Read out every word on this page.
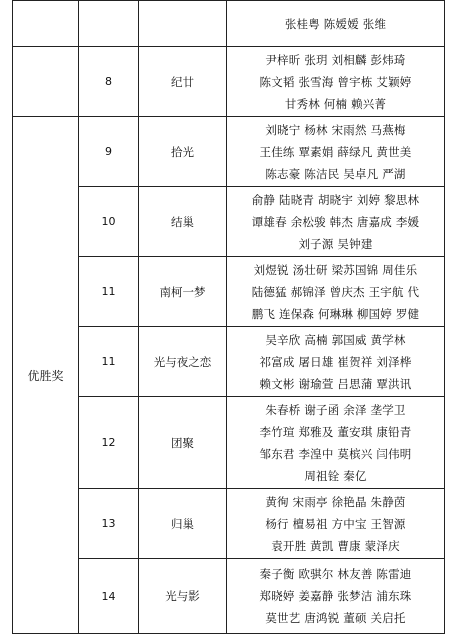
			张桂粤 陈嫒嫒 张维

	8	纪廿	尹梓昕 张玥 刘相麟 彭炜琦
陈文韬 张雪海 曾宇栋 艾颖婷
甘秀林 何楠 赖兴菁

优胜奖	9	拾光	刘晓宁 杨林 宋雨然 马燕梅
王佳练 覃素娟 薛绿凡 黄世美
陈志豪 陈洁民 吴卓凡 严湖

	10	结巢	俞静 陆晓青 胡晓宇 刘婷 黎思林
谭雄春 余松骏 韩杰 唐嘉成 李媛
刘子源 吴钟建

	11	南柯一梦	刘煜锐 汤壮研 梁苏国锦 周佳乐
陆德猛 郝锦泽 曾庆杰 王宇航 代
鹏飞 连保森 何琳琳 柳国婷 罗健

	11	光与夜之恋	吴辛欣 高楠 郭国威 黄学林
祁富成 屠日雄 崔贺祥 刘泽桦
赖文彬 谢瑜萱 吕思蒲 覃洪讯

	12	团聚	朱春桥 谢子函 余泽 垄学卫
李竹瑄 郑雅及 董安琪 康铅青
邹东君 李湟中 莫槟兴 闫伟明
周祖铨 秦亿

	13	归巢	黄徇 宋雨亭 徐艳晶 朱静茵
杨行 檀易祖 方中宝 王智源
袁开胜 黄凯 曹康 蒙泽庆

	14	光与影	秦子衡 欧骐尔 林友善 陈雷迪
郑晓婷 姜嘉静 张梦洁 浦东珠
莫世艺 唐鸿锐 董硕 关启托
